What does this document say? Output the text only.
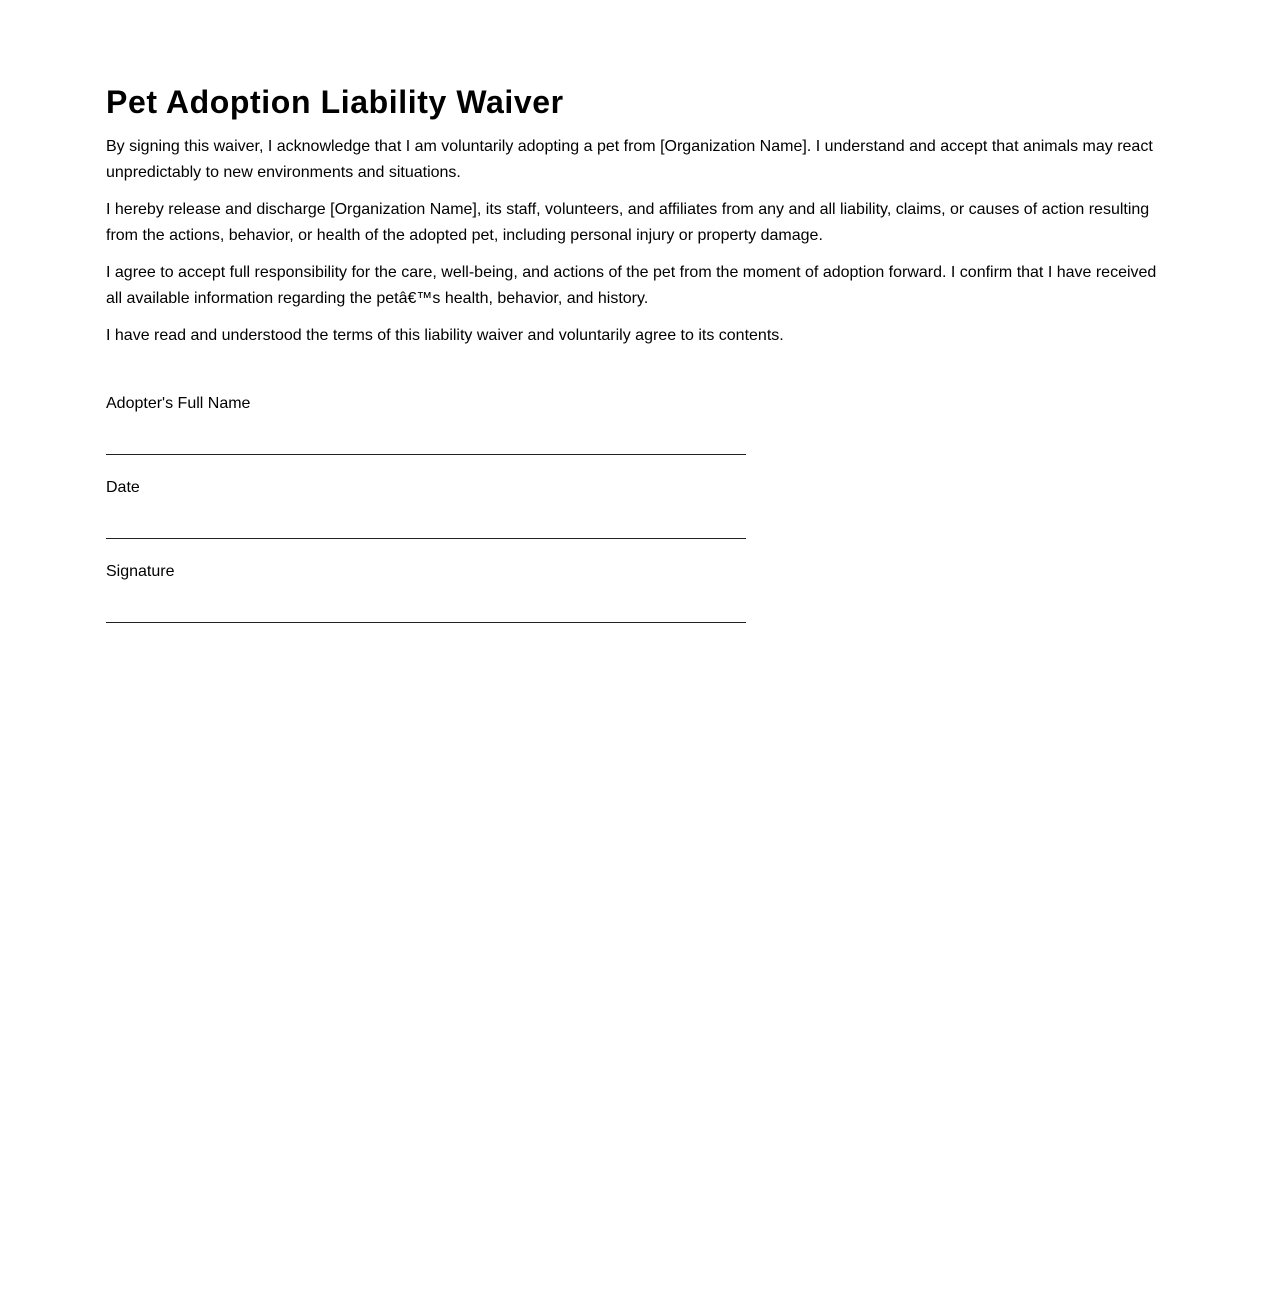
Pet Adoption Liability Waiver

By signing this waiver, I acknowledge that I am voluntarily adopting a pet from [Organization Name]. I understand and accept that animals may react unpredictably to new environments and situations.

I hereby release and discharge [Organization Name], its staff, volunteers, and affiliates from any and all liability, claims, or causes of action resulting from the actions, behavior, or health of the adopted pet, including personal injury or property damage.

I agree to accept full responsibility for the care, well-being, and actions of the pet from the moment of adoption forward. I confirm that I have received all available information regarding the petâ€™s health, behavior, and history.

I have read and understood the terms of this liability waiver and voluntarily agree to its contents.

Adopter's Full Name
Date
Signature
